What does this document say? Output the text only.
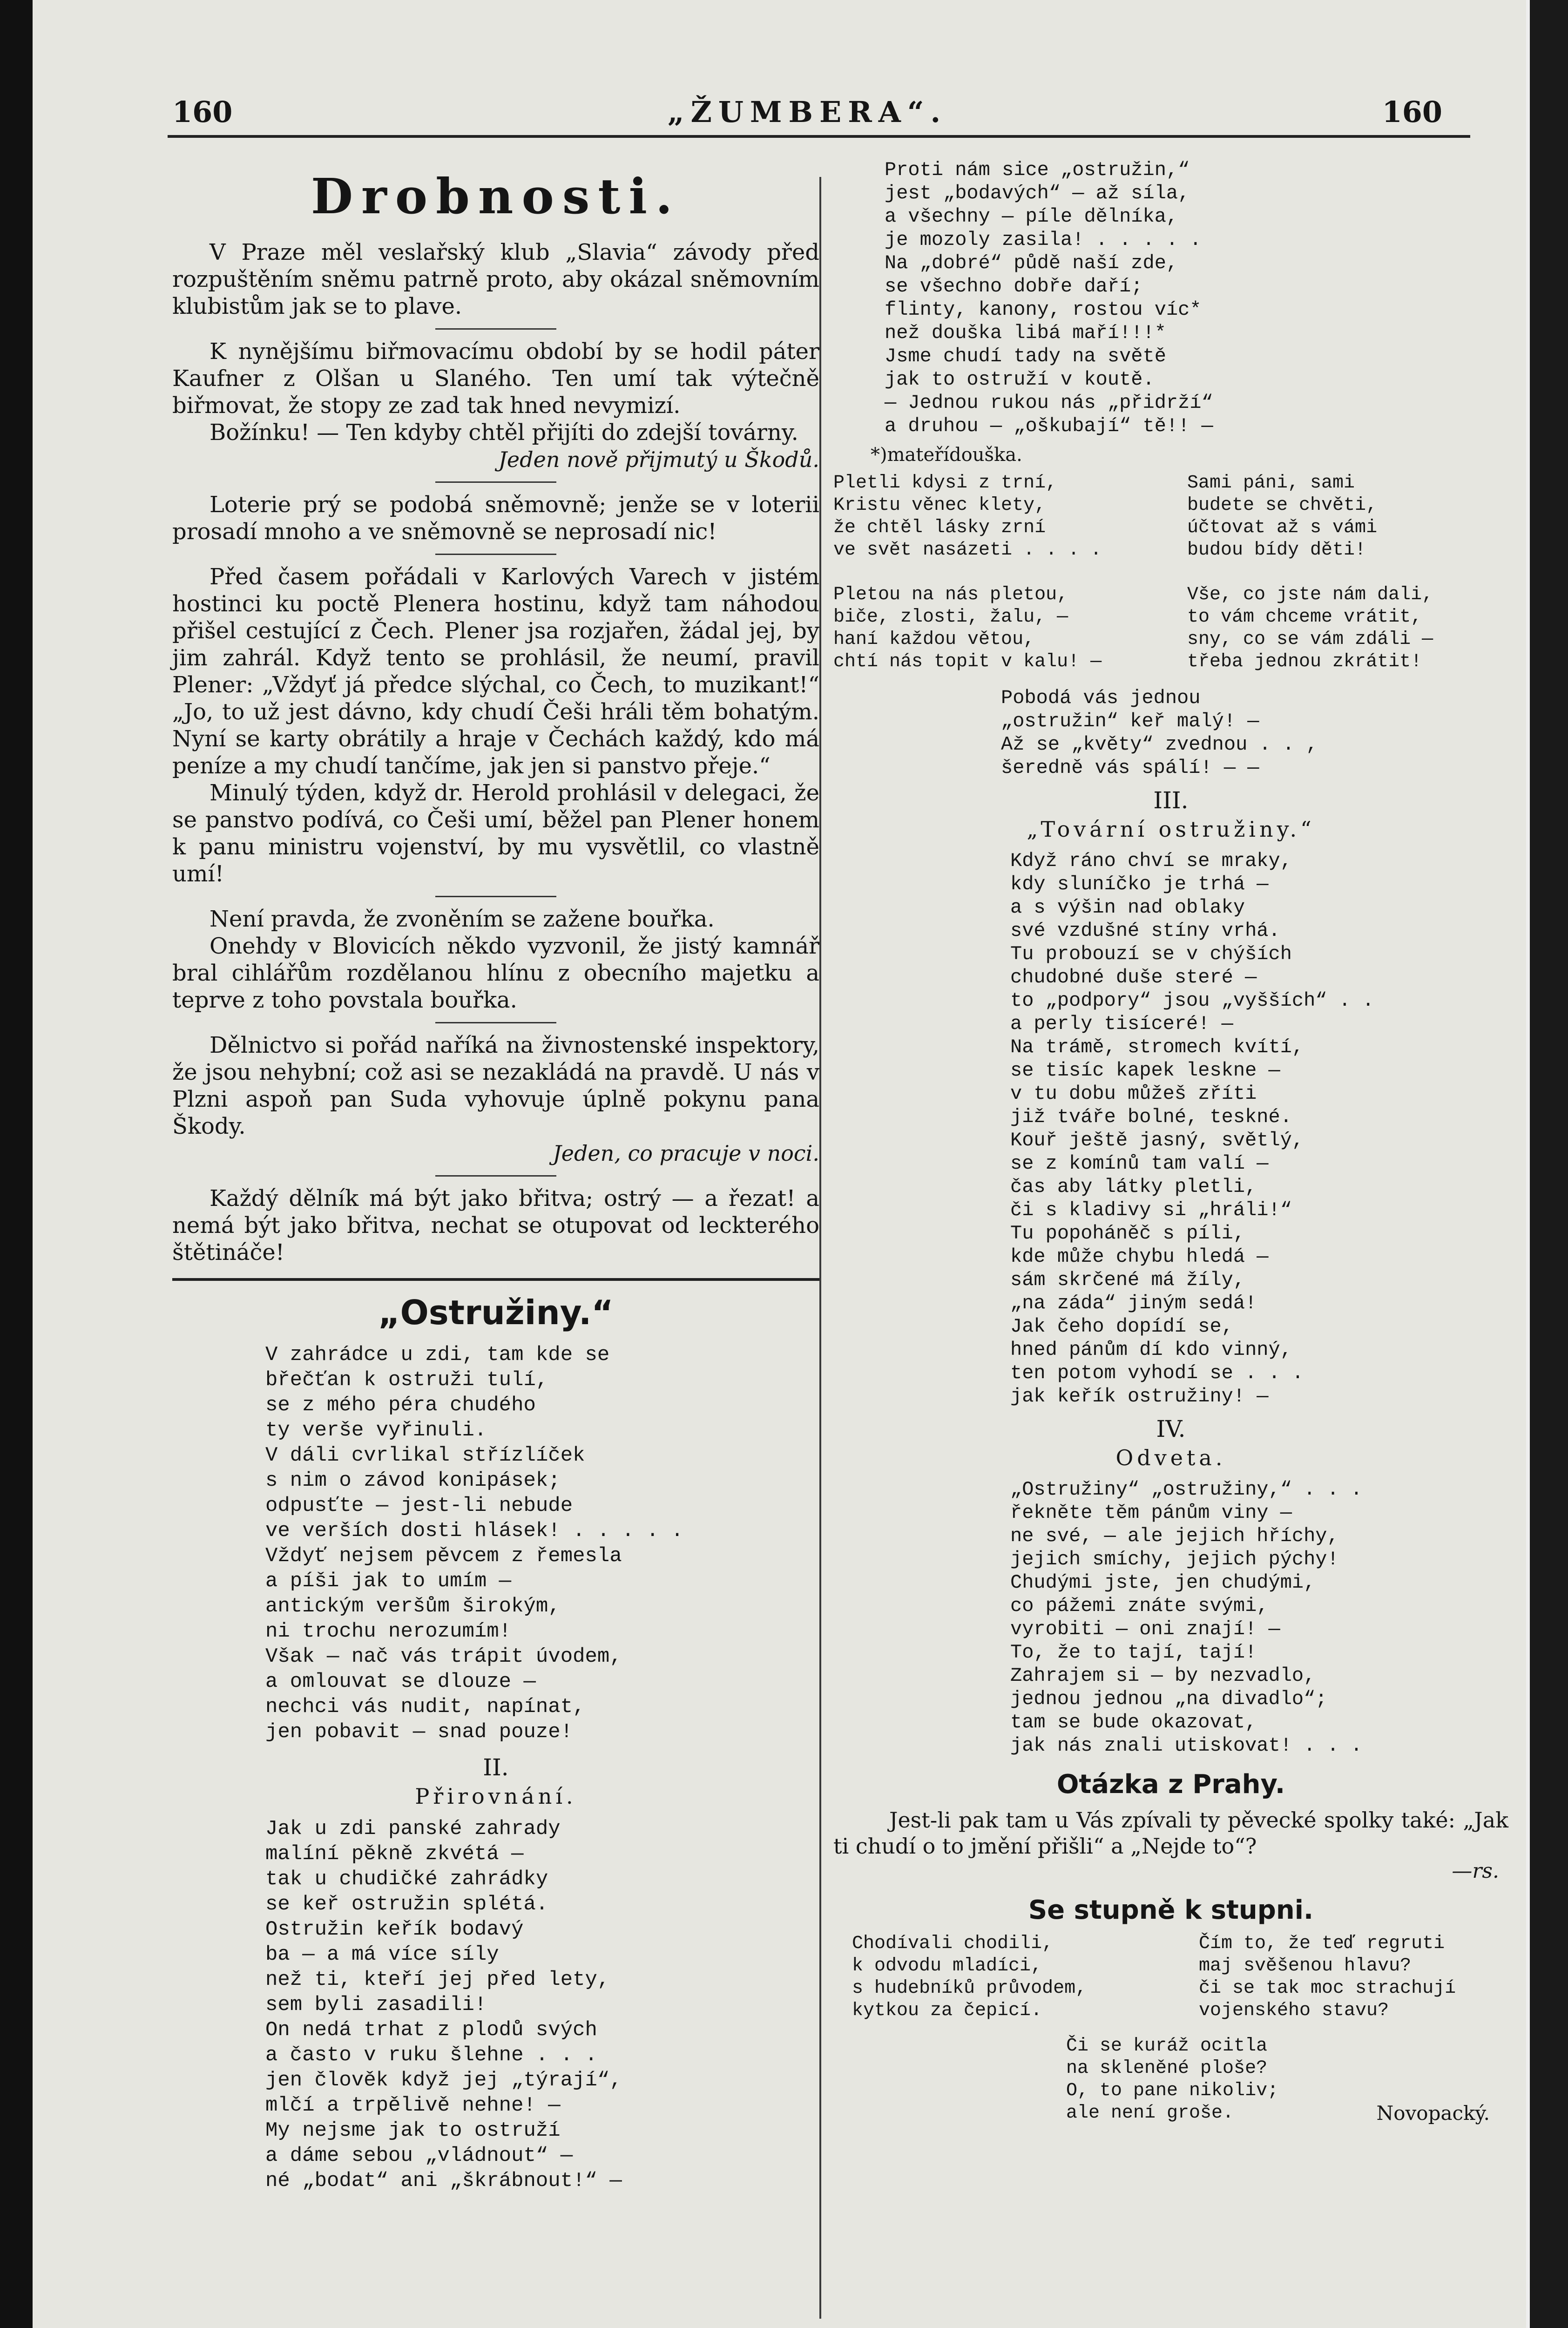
160	„ŽUMBERA“.	160
Drobnosti.

V Praze měl veslařský klub „Slavia“ závody před rozpuštěním sněmu patrně proto, aby okázal sněmovním klubistům jak se to plave.

K nynějšímu biřmovacímu období by se hodil páter Kaufner z Olšan u Slaného. Ten umí tak výtečně biřmovat, že stopy ze zad tak hned nevymizí.

Božínku! — Ten kdyby chtěl přijíti do zdejší továrny.

Jeden nově přijmutý u Škodů.

Loterie prý se podobá sněmovně; jenže se v loterii prosadí mnoho a ve sněmovně se neprosadí nic!

Před časem pořádali v Karlových Varech v jistém hostinci ku poctě Plenera hostinu, když tam náhodou přišel cestující z Čech. Plener jsa rozjařen, žádal jej, by jim zahrál. Když tento se prohlásil, že neumí, pravil Plener: „Vždyť já předce slýchal, co Čech, to muzikant!“ „Jo, to už jest dávno, kdy chudí Češi hráli těm bohatým. Nyní se karty obrátily a hraje v Čechách každý, kdo má peníze a my chudí tančíme, jak jen si panstvo přeje.“

Minulý týden, když dr. Herold prohlásil v delegaci, že se panstvo podívá, co Češi umí, běžel pan Plener honem k panu ministru vojenství, by mu vysvětlil, co vlastně umí!

Není pravda, že zvoněním se zažene bouřka.

Onehdy v Blovicích někdo vyzvonil, že jistý kamnář bral cihlářům rozdělanou hlínu z obecního majetku a teprve z toho povstala bouřka.

Dělnictvo si pořád naříká na živnostenské inspektory, že jsou nehybní; což asi se nezakládá na pravdě. U nás v Plzni aspoň pan Suda vyhovuje úplně pokynu pana Škody.

Jeden, co pracuje v noci.

Každý dělník má být jako břitva; ostrý — a řezat! a nemá být jako břitva, nechat se otupovat od leckterého štětináče!

„Ostružiny.“
V zahrádce u zdi, tam kde se
břečťan k ostruži tulí,
se z mého péra chudého
ty verše vyřinuli.
V dáli cvrlikal střízlíček
s nim o závod konipásek;
odpusťte — jest-li nebude
ve verších dosti hlásek! . . . . .
Vždyť nejsem pěvcem z řemesla
a píši jak to umím —
antickým veršům širokým,
ni trochu nerozumím!
Však — nač vás trápit úvodem,
a omlouvat se dlouze —
nechci vás nudit, napínat,
jen pobavit — snad pouze!
II.
Přirovnání.
Jak u zdi panské zahrady
malíní pěkně zkvétá —
tak u chudičké zahrádky
se keř ostružin splétá.
Ostružin keřík bodavý
ba — a má více síly
než ti, kteří jej před lety,
sem byli zasadili!
On nedá trhat z plodů svých
a často v ruku šlehne . . .
jen člověk když jej „týrají“,
mlčí a trpělivě nehne! —
My nejsme jak to ostruží
a dáme sebou „vládnout“ —
né „bodat“ ani „škrábnout!“ —
Proti nám sice „ostružin,“
jest „bodavých“ — až síla,
a všechny — píle dělníka,
je mozoly zasila! . . . . .
Na „dobré“ půdě naší zde,
se všechno dobře daří;
flinty, kanony, rostou víc*
než douška libá maří!!!*
Jsme chudí tady na světě
jak to ostruží v koutě.
— Jednou rukou nás „přidrží“
a druhou — „oškubají“ tě!! —
*)mateřídouška.
Pletli kdysi z trní,
Kristu věnec klety,
že chtěl lásky zrní
ve svět nasázeti . . . .

Pletou na nás pletou,
biče, zlosti, žalu, —
haní každou větou,
chtí nás topit v kalu! —
Sami páni, sami
budete se chvěti,
účtovat až s vámi
budou bídy děti!

Vše, co jste nám dali,
to vám chceme vrátit,
sny, co se vám zdáli —
třeba jednou zkrátit!
Pobodá vás jednou
„ostružin“ keř malý! —
Až se „květy“ zvednou . . ,
šeredně vás spálí! — —
III.
„Tovární ostružiny.“
Když ráno chví se mraky,
kdy sluníčko je trhá —
a s výšin nad oblaky
své vzdušné stíny vrhá.
Tu probouzí se v chýších
chudobné duše steré —
to „podpory“ jsou „vyšších“ . .
a perly tisíceré! —
Na trámě, stromech kvítí,
se tisíc kapek leskne —
v tu dobu můžeš zříti
již tváře bolné, teskné.
Kouř ještě jasný, světlý,
se z komínů tam valí —
čas aby látky pletli,
či s kladivy si „hráli!“
Tu popoháněč s píli,
kde může chybu hledá —
sám skrčené má žíly,
„na záda“ jiným sedá!
Jak čeho dopídí se,
hned pánům dí kdo vinný,
ten potom vyhodí se . . .
jak keřík ostružiny! —
IV.
Odveta.
„Ostružiny“ „ostružiny,“ . . .
řekněte těm pánům viny —
ne své, — ale jejich hříchy,
jejich smíchy, jejich pýchy!
Chudými jste, jen chudými,
co pážemi znáte svými,
vyrobiti — oni znají! —
To, že to tají, tají!
Zahrajem si — by nezvadlo,
jednou jednou „na divadlo“;
tam se bude okazovat,
jak nás znali utiskovat! . . .
Otázka z Prahy.

Jest-li pak tam u Vás zpívali ty pěvecké spolky také: „Jak ti chudí o to jmění přišli“ a „Nejde to“?

—rs.

Se stupně k stupni.
Chodívali chodili,
k odvodu mladíci,
s hudebníků průvodem,
kytkou za čepicí.
Čím to, že teď regruti
maj svěšenou hlavu?
či se tak moc strachují
vojenského stavu?
Či se kuráž ocitla
na skleněné ploše?
O, to pane nikoliv;
ale není groše.	Novopacký.
